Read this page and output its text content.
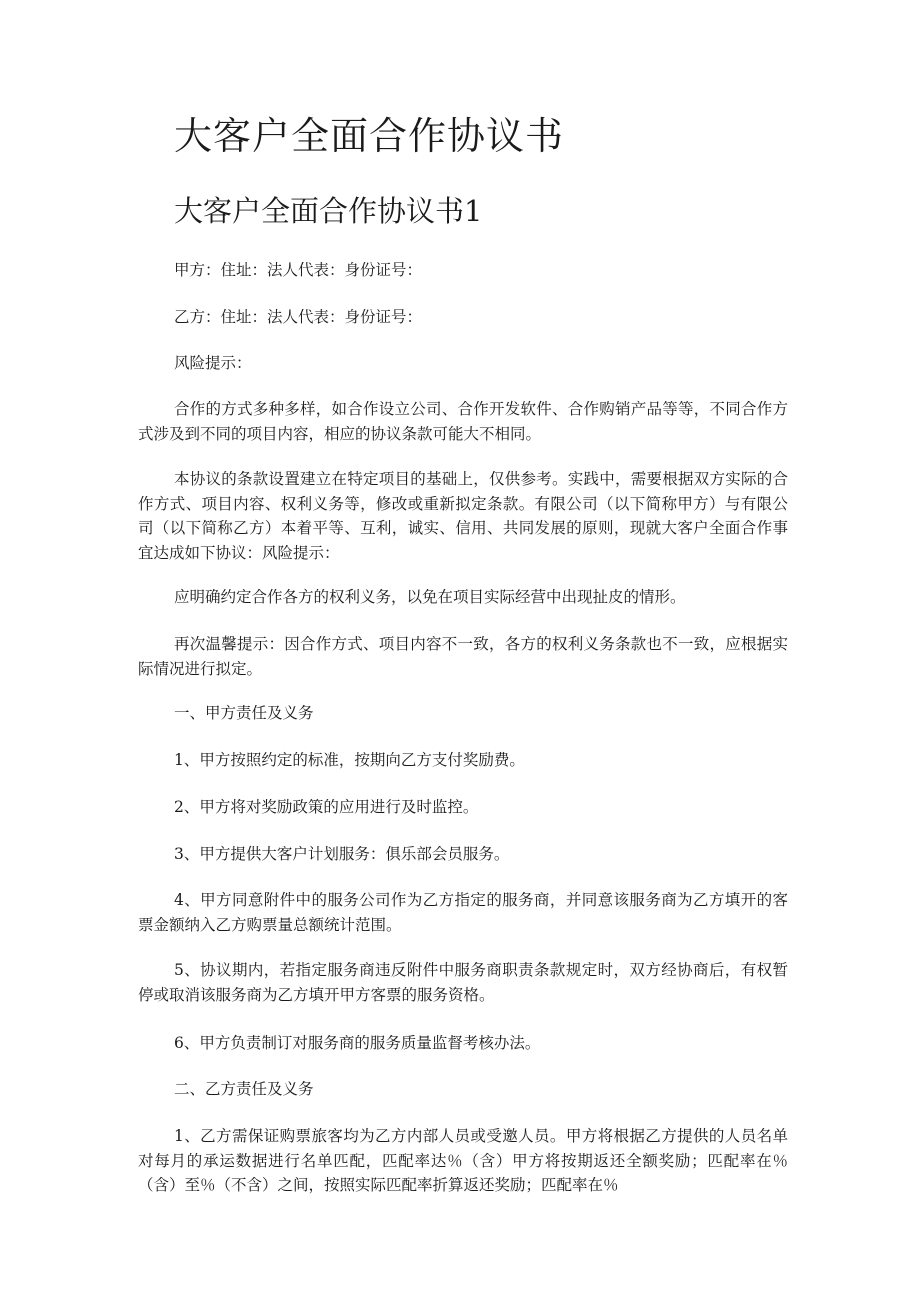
大客户全面合作协议书
大客户全面合作协议书1

甲方：住址：法人代表：身份证号：

乙方：住址：法人代表：身份证号：

风险提示：

合作的方式多种多样，如合作设立公司、合作开发软件、合作购销产品等等，不同合作方式涉及到不同的项目内容，相应的协议条款可能大不相同。

本协议的条款设置建立在特定项目的基础上，仅供参考。实践中，需要根据双方实际的合作方式、项目内容、权利义务等，修改或重新拟定条款。有限公司（以下简称甲方）与有限公司（以下简称乙方）本着平等、互利，诚实、信用、共同发展的原则，现就大客户全面合作事宜达成如下协议：风险提示：

应明确约定合作各方的权利义务，以免在项目实际经营中出现扯皮的情形。

再次温馨提示：因合作方式、项目内容不一致，各方的权利义务条款也不一致，应根据实际情况进行拟定。

一、甲方责任及义务

1、甲方按照约定的标准，按期向乙方支付奖励费。

2、甲方将对奖励政策的应用进行及时监控。

3、甲方提供大客户计划服务：俱乐部会员服务。

4、甲方同意附件中的服务公司作为乙方指定的服务商，并同意该服务商为乙方填开的客票金额纳入乙方购票量总额统计范围。

5、协议期内，若指定服务商违反附件中服务商职责条款规定时，双方经协商后，有权暂停或取消该服务商为乙方填开甲方客票的服务资格。

6、甲方负责制订对服务商的服务质量监督考核办法。

二、乙方责任及义务

1、乙方需保证购票旅客均为乙方内部人员或受邀人员。甲方将根据乙方提供的人员名单对每月的承运数据进行名单匹配，匹配率达％（含）甲方将按期返还全额奖励；匹配率在％（含）至％（不含）之间，按照实际匹配率折算返还奖励；匹配率在％
